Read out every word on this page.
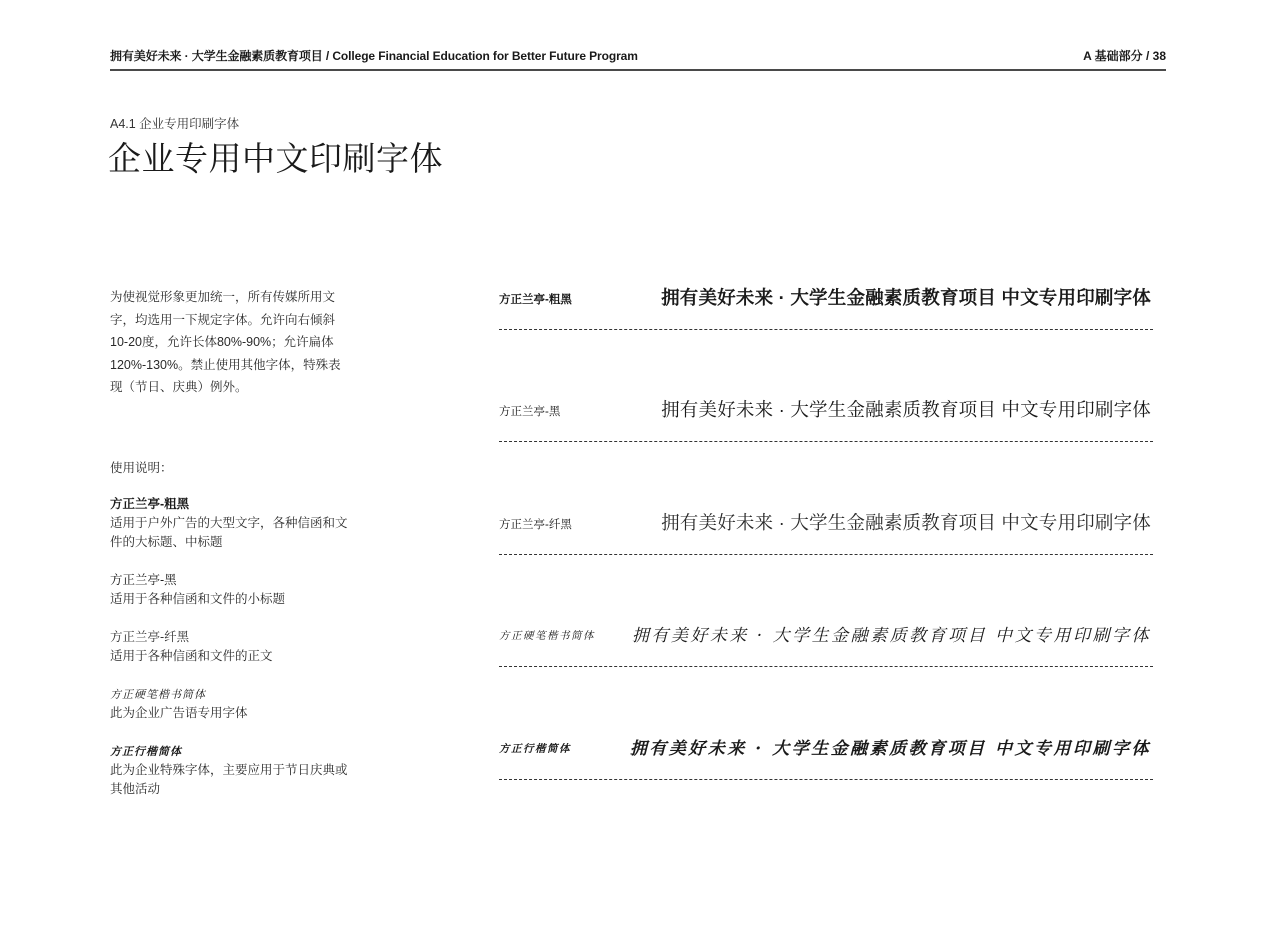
拥有美好未来 · 大学生金融素质教育项目 / College Financial Education for Better Future Program	A 基础部分 / 38
A4.1 企业专用印刷字体
企业专用中文印刷字体

为使视觉形象更加统一，所有传媒所用文字，均选用一下规定字体。允许向右倾斜10-20度，允许长体80%-90%；允许扁体120%-130%。禁止使用其他字体，特殊表现（节日、庆典）例外。

使用说明：
方正兰亭-粗黑
适用于户外广告的大型文字，各种信函和文件的大标题、中标题
方正兰亭-黑
适用于各种信函和文件的小标题
方正兰亭-纤黑
适用于各种信函和文件的正文
方正硬笔楷书简体
此为企业广告语专用字体
方正行楷简体
此为企业特殊字体，主要应用于节日庆典或其他活动
方正兰亭-粗黑	拥有美好未来 · 大学生金融素质教育项目 中文专用印刷字体
方正兰亭-黑	拥有美好未来 · 大学生金融素质教育项目 中文专用印刷字体
方正兰亭-纤黑	拥有美好未来 · 大学生金融素质教育项目 中文专用印刷字体
方正硬笔楷书简体 拥有美好未来 · 大学生金融素质教育项目 中文专用印刷字体
方正行楷简体	拥有美好未来 · 大学生金融素质教育项目 中文专用印刷字体
